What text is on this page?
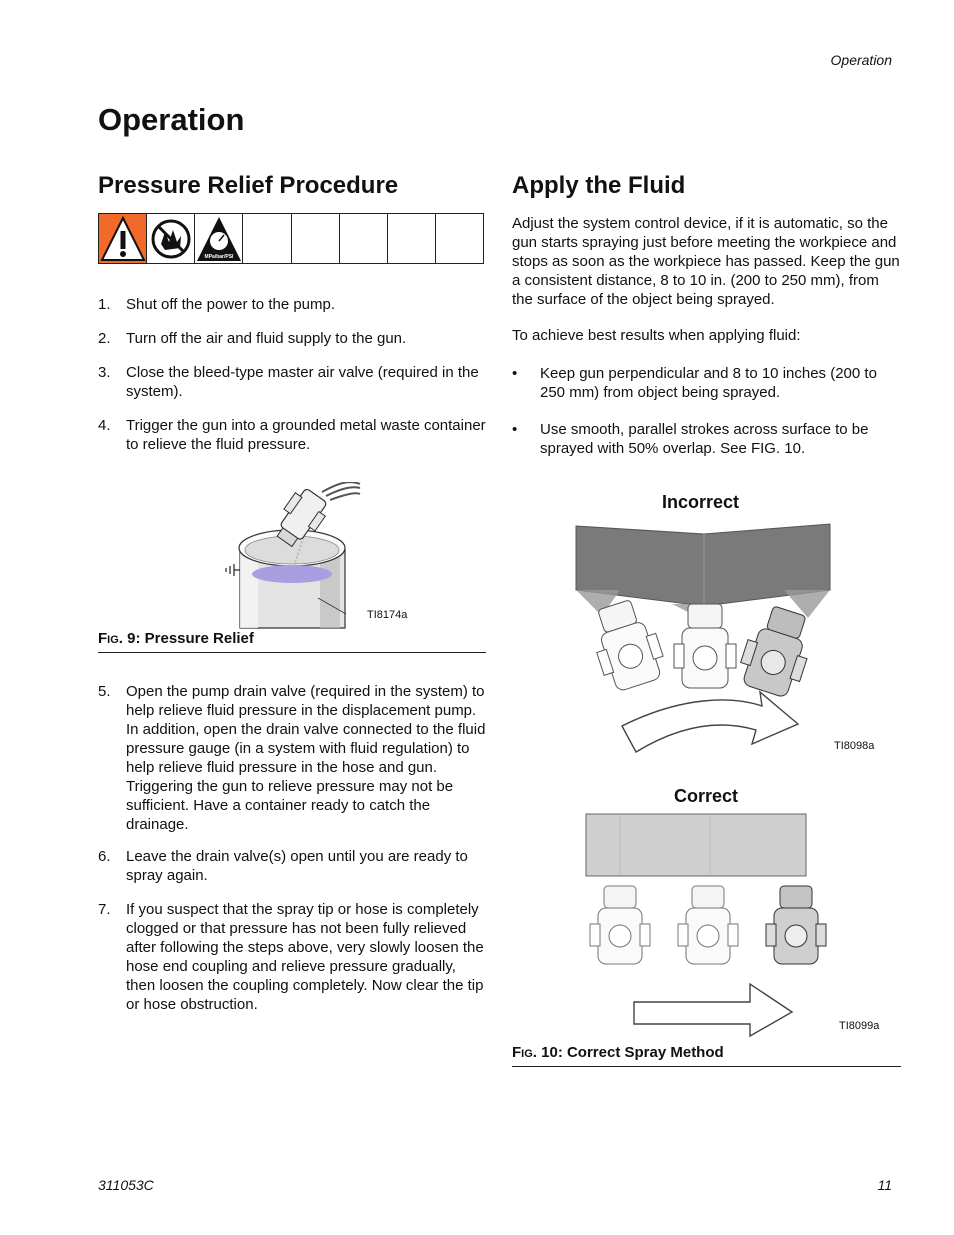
Operation
Operation
Pressure Relief Procedure
MPa/bar/PSI
1. Shut off the power to the pump.
2. Turn off the air and fluid supply to the gun.
3. Close the bleed-type master air valve (required in the system).
4. Trigger the gun into a grounded metal waste container to relieve the fluid pressure.
TI8174a
FIG. 9: Pressure Relief
5. Open the pump drain valve (required in the system) to help relieve fluid pressure in the displacement pump. In addition, open the drain valve connected to the fluid pressure gauge (in a system with fluid regulation) to help relieve fluid pressure in the hose and gun. Triggering the gun to relieve pressure may not be sufficient. Have a container ready to catch the drainage.
6. Leave the drain valve(s) open until you are ready to spray again.
7. If you suspect that the spray tip or hose is completely clogged or that pressure has not been fully relieved after following the steps above, very slowly loosen the hose end coupling and relieve pressure gradually, then loosen the coupling completely. Now clear the tip or hose obstruction.
Apply the Fluid
Adjust the system control device, if it is automatic, so the gun starts spraying just before meeting the workpiece and stops as soon as the workpiece has passed. Keep the gun a consistent distance, 8 to 10 in. (200 to 250 mm), from the surface of the object being sprayed.
To achieve best results when applying fluid:
• Keep gun perpendicular and 8 to 10 inches (200 to 250 mm) from object being sprayed.
• Use smooth, parallel strokes across surface to be sprayed with 50% overlap. See FIG. 10.
Incorrect
TI8098a
Correct
TI8099a
FIG. 10: Correct Spray Method
311053C	11
